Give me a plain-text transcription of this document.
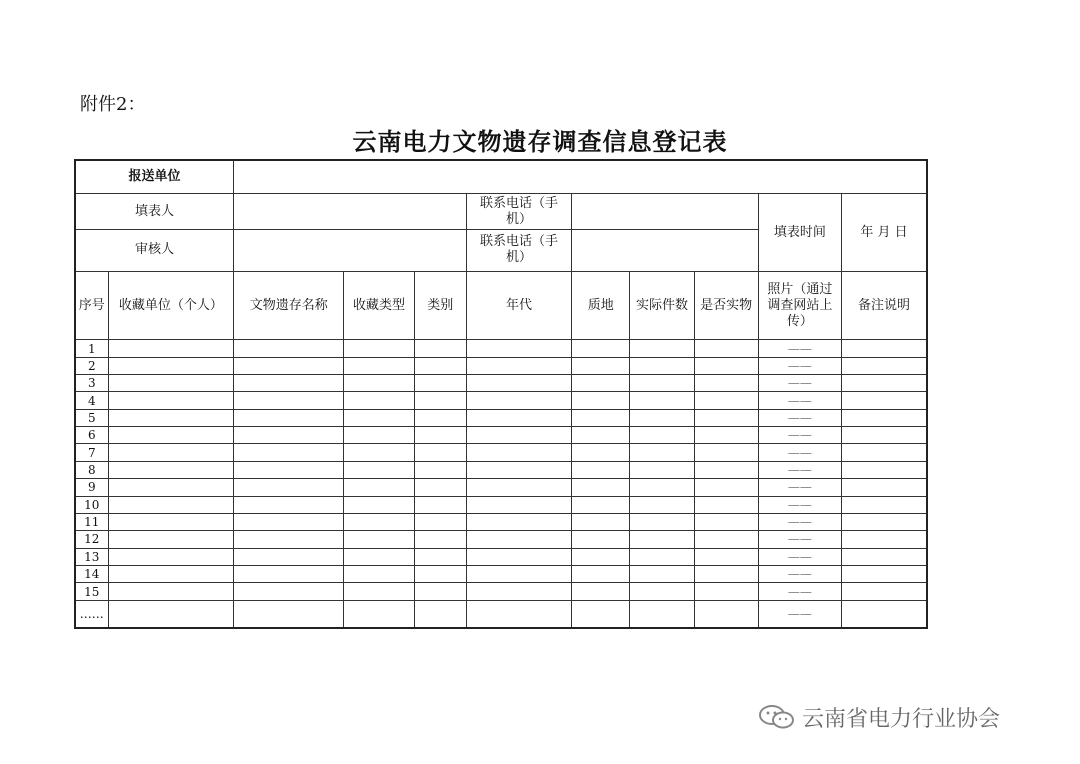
附件2：
云南电力文物遗存调查信息登记表
报送单位										
填表人					联系电话（手机）				填表时间	年 月 日
审核人					联系电话（手机）					
序号	收藏单位（个人）	文物遗存名称	收藏类型	类别	年代	质地	实际件数	是否实物	照片（通过调查网站上传）	备注说明
1									——	
2									——	
3									——	
4									——	
5									——	
6									——	
7									——	
8									——	
9									——	
10									——	
11									——	
12									——	
13									——	
14									——	
15									——	
……									——	
云南省电力行业协会
